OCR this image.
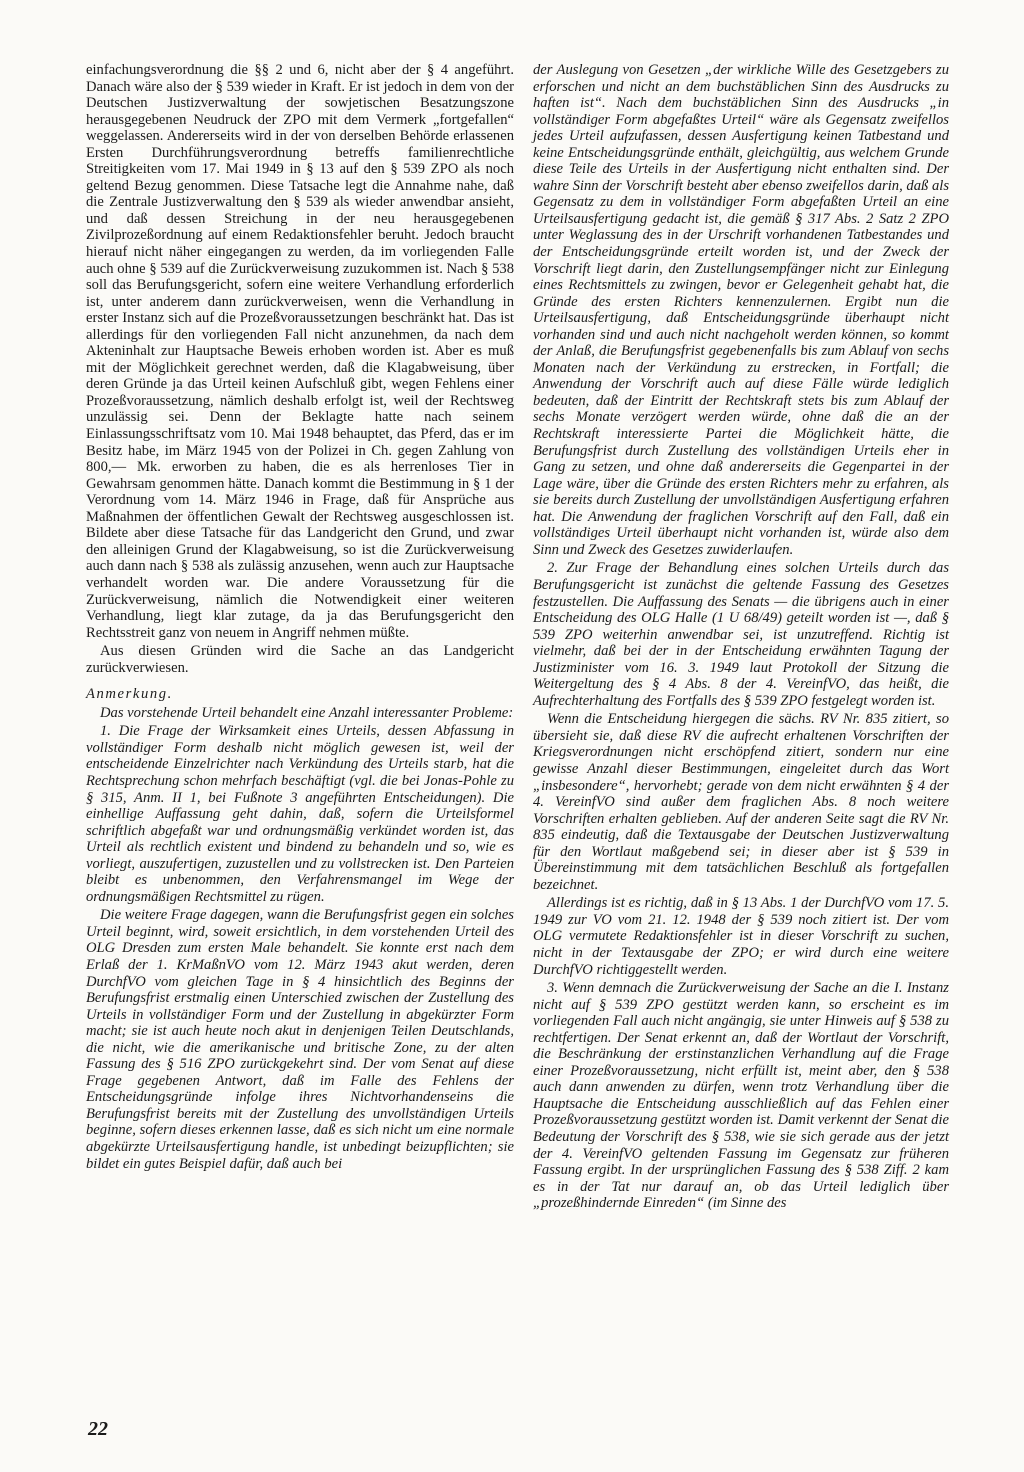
einfachungsverordnung die §§ 2 und 6, nicht aber der § 4 angeführt. Danach wäre also der § 539 wieder in Kraft. Er ist jedoch in dem von der Deutschen Justizverwaltung der sowjetischen Besatzungszone herausgegebenen Neudruck der ZPO mit dem Vermerk „fortgefallen“ weggelassen. Andererseits wird in der von derselben Behörde erlassenen Ersten Durchführungsverordnung betreffs familienrechtliche Streitigkeiten vom 17. Mai 1949 in § 13 auf den § 539 ZPO als noch geltend Bezug genommen. Diese Tatsache legt die Annahme nahe, daß die Zentrale Justizverwaltung den § 539 als wieder anwendbar ansieht, und daß dessen Streichung in der neu herausgegebenen Zivilprozeßordnung auf einem Redaktionsfehler beruht. Jedoch braucht hierauf nicht näher eingegangen zu werden, da im vorliegenden Falle auch ohne § 539 auf die Zurückverweisung zuzukommen ist. Nach § 538 soll das Berufungsgericht, sofern eine weitere Verhandlung erforderlich ist, unter anderem dann zurückverweisen, wenn die Verhandlung in erster Instanz sich auf die Prozeßvoraussetzungen beschränkt hat. Das ist allerdings für den vorliegenden Fall nicht anzunehmen, da nach dem Akteninhalt zur Hauptsache Beweis erhoben worden ist. Aber es muß mit der Möglichkeit gerechnet werden, daß die Klagabweisung, über deren Gründe ja das Urteil keinen Aufschluß gibt, wegen Fehlens einer Prozeßvoraussetzung, nämlich deshalb erfolgt ist, weil der Rechtsweg unzulässig sei. Denn der Beklagte hatte nach seinem Einlassungsschriftsatz vom 10. Mai 1948 behauptet, das Pferd, das er im Besitz habe, im März 1945 von der Polizei in Ch. gegen Zahlung von 800,— Mk. erworben zu haben, die es als herrenloses Tier in Gewahrsam genommen hätte. Danach kommt die Bestimmung in § 1 der Verordnung vom 14. März 1946 in Frage, daß für Ansprüche aus Maßnahmen der öffentlichen Gewalt der Rechtsweg ausgeschlossen ist. Bildete aber diese Tatsache für das Landgericht den Grund, und zwar den alleinigen Grund der Klagabweisung, so ist die Zurückverweisung auch dann nach § 538 als zulässig anzusehen, wenn auch zur Hauptsache verhandelt worden war. Die andere Voraussetzung für die Zurückverweisung, nämlich die Notwendigkeit einer weiteren Verhandlung, liegt klar zutage, da ja das Berufungsgericht den Rechtsstreit ganz von neuem in Angriff nehmen müßte.

Aus diesen Gründen wird die Sache an das Landgericht zurückverwiesen.

Anmerkung.

Das vorstehende Urteil behandelt eine Anzahl interessanter Probleme:

1. Die Frage der Wirksamkeit eines Urteils, dessen Abfassung in vollständiger Form deshalb nicht möglich gewesen ist, weil der entscheidende Einzelrichter nach Verkündung des Urteils starb, hat die Rechtsprechung schon mehrfach beschäftigt (vgl. die bei Jonas-Pohle zu § 315, Anm. II 1, bei Fußnote 3 angeführten Entscheidungen). Die einhellige Auffassung geht dahin, daß, sofern die Urteilsformel schriftlich abgefaßt war und ordnungsmäßig verkündet worden ist, das Urteil als rechtlich existent und bindend zu behandeln und so, wie es vorliegt, auszufertigen, zuzustellen und zu vollstrecken ist. Den Parteien bleibt es unbenommen, den Verfahrensmangel im Wege der ordnungsmäßigen Rechtsmittel zu rügen.

Die weitere Frage dagegen, wann die Berufungsfrist gegen ein solches Urteil beginnt, wird, soweit ersichtlich, in dem vorstehenden Urteil des OLG Dresden zum ersten Male behandelt. Sie konnte erst nach dem Erlaß der 1. KrMaßnVO vom 12. März 1943 akut werden, deren DurchfVO vom gleichen Tage in § 4 hinsichtlich des Beginns der Berufungsfrist erstmalig einen Unterschied zwischen der Zustellung des Urteils in vollständiger Form und der Zustellung in abgekürzter Form macht; sie ist auch heute noch akut in denjenigen Teilen Deutschlands, die nicht, wie die amerikanische und britische Zone, zu der alten Fassung des § 516 ZPO zurückgekehrt sind. Der vom Senat auf diese Frage gegebenen Antwort, daß im Falle des Fehlens der Entscheidungsgründe infolge ihres Nichtvorhandenseins die Berufungsfrist bereits mit der Zustellung des unvollständigen Urteils beginne, sofern dieses erkennen lasse, daß es sich nicht um eine normale abgekürzte Urteilsausfertigung handle, ist unbedingt beizupflichten; sie bildet ein gutes Beispiel dafür, daß auch bei

der Auslegung von Gesetzen „der wirkliche Wille des Gesetzgebers zu erforschen und nicht an dem buchstäblichen Sinn des Ausdrucks zu haften ist“. Nach dem buchstäblichen Sinn des Ausdrucks „in vollständiger Form abgefaßtes Urteil“ wäre als Gegensatz zweifellos jedes Urteil aufzufassen, dessen Ausfertigung keinen Tatbestand und keine Entscheidungsgründe enthält, gleichgültig, aus welchem Grunde diese Teile des Urteils in der Ausfertigung nicht enthalten sind. Der wahre Sinn der Vorschrift besteht aber ebenso zweifellos darin, daß als Gegensatz zu dem in vollständiger Form abgefaßten Urteil an eine Urteilsausfertigung gedacht ist, die gemäß § 317 Abs. 2 Satz 2 ZPO unter Weglassung des in der Urschrift vorhandenen Tatbestandes und der Entscheidungsgründe erteilt worden ist, und der Zweck der Vorschrift liegt darin, den Zustellungsempfänger nicht zur Einlegung eines Rechtsmittels zu zwingen, bevor er Gelegenheit gehabt hat, die Gründe des ersten Richters kennenzulernen. Ergibt nun die Urteilsausfertigung, daß Entscheidungsgründe überhaupt nicht vorhanden sind und auch nicht nachgeholt werden können, so kommt der Anlaß, die Berufungsfrist gegebenenfalls bis zum Ablauf von sechs Monaten nach der Verkündung zu erstrecken, in Fortfall; die Anwendung der Vorschrift auch auf diese Fälle würde lediglich bedeuten, daß der Eintritt der Rechtskraft stets bis zum Ablauf der sechs Monate verzögert werden würde, ohne daß die an der Rechtskraft interessierte Partei die Möglichkeit hätte, die Berufungsfrist durch Zustellung des vollständigen Urteils eher in Gang zu setzen, und ohne daß andererseits die Gegenpartei in der Lage wäre, über die Gründe des ersten Richters mehr zu erfahren, als sie bereits durch Zustellung der unvollständigen Ausfertigung erfahren hat. Die Anwendung der fraglichen Vorschrift auf den Fall, daß ein vollständiges Urteil überhaupt nicht vorhanden ist, würde also dem Sinn und Zweck des Gesetzes zuwiderlaufen.

2. Zur Frage der Behandlung eines solchen Urteils durch das Berufungsgericht ist zunächst die geltende Fassung des Gesetzes festzustellen. Die Auffassung des Senats — die übrigens auch in einer Entscheidung des OLG Halle (1 U 68/49) geteilt worden ist —, daß § 539 ZPO weiterhin anwendbar sei, ist unzutreffend. Richtig ist vielmehr, daß bei der in der Entscheidung erwähnten Tagung der Justizminister vom 16. 3. 1949 laut Protokoll der Sitzung die Weitergeltung des § 4 Abs. 8 der 4. VereinfVO, das heißt, die Aufrechterhaltung des Fortfalls des § 539 ZPO festgelegt worden ist.

Wenn die Entscheidung hiergegen die sächs. RV Nr. 835 zitiert, so übersieht sie, daß diese RV die aufrecht erhaltenen Vorschriften der Kriegsverordnungen nicht erschöpfend zitiert, sondern nur eine gewisse Anzahl dieser Bestimmungen, eingeleitet durch das Wort „insbesondere“, hervorhebt; gerade von dem nicht erwähnten § 4 der 4. VereinfVO sind außer dem fraglichen Abs. 8 noch weitere Vorschriften erhalten geblieben. Auf der anderen Seite sagt die RV Nr. 835 eindeutig, daß die Textausgabe der Deutschen Justizverwaltung für den Wortlaut maßgebend sei; in dieser aber ist § 539 in Übereinstimmung mit dem tatsächlichen Beschluß als fortgefallen bezeichnet.

Allerdings ist es richtig, daß in § 13 Abs. 1 der DurchfVO vom 17. 5. 1949 zur VO vom 21. 12. 1948 der § 539 noch zitiert ist. Der vom OLG vermutete Redaktionsfehler ist in dieser Vorschrift zu suchen, nicht in der Textausgabe der ZPO; er wird durch eine weitere DurchfVO richtiggestellt werden.

3. Wenn demnach die Zurückverweisung der Sache an die I. Instanz nicht auf § 539 ZPO gestützt werden kann, so erscheint es im vorliegenden Fall auch nicht angängig, sie unter Hinweis auf § 538 zu rechtfertigen. Der Senat erkennt an, daß der Wortlaut der Vorschrift, die Beschränkung der erstinstanzlichen Verhandlung auf die Frage einer Prozeßvoraussetzung, nicht erfüllt ist, meint aber, den § 538 auch dann anwenden zu dürfen, wenn trotz Verhandlung über die Hauptsache die Entscheidung ausschließlich auf das Fehlen einer Prozeßvoraussetzung gestützt worden ist. Damit verkennt der Senat die Bedeutung der Vorschrift des § 538, wie sie sich gerade aus der jetzt der 4. VereinfVO geltenden Fassung im Gegensatz zur früheren Fassung ergibt. In der ursprünglichen Fassung des § 538 Ziff. 2 kam es in der Tat nur darauf an, ob das Urteil lediglich über „prozeßhindernde Einreden“ (im Sinne des

22
